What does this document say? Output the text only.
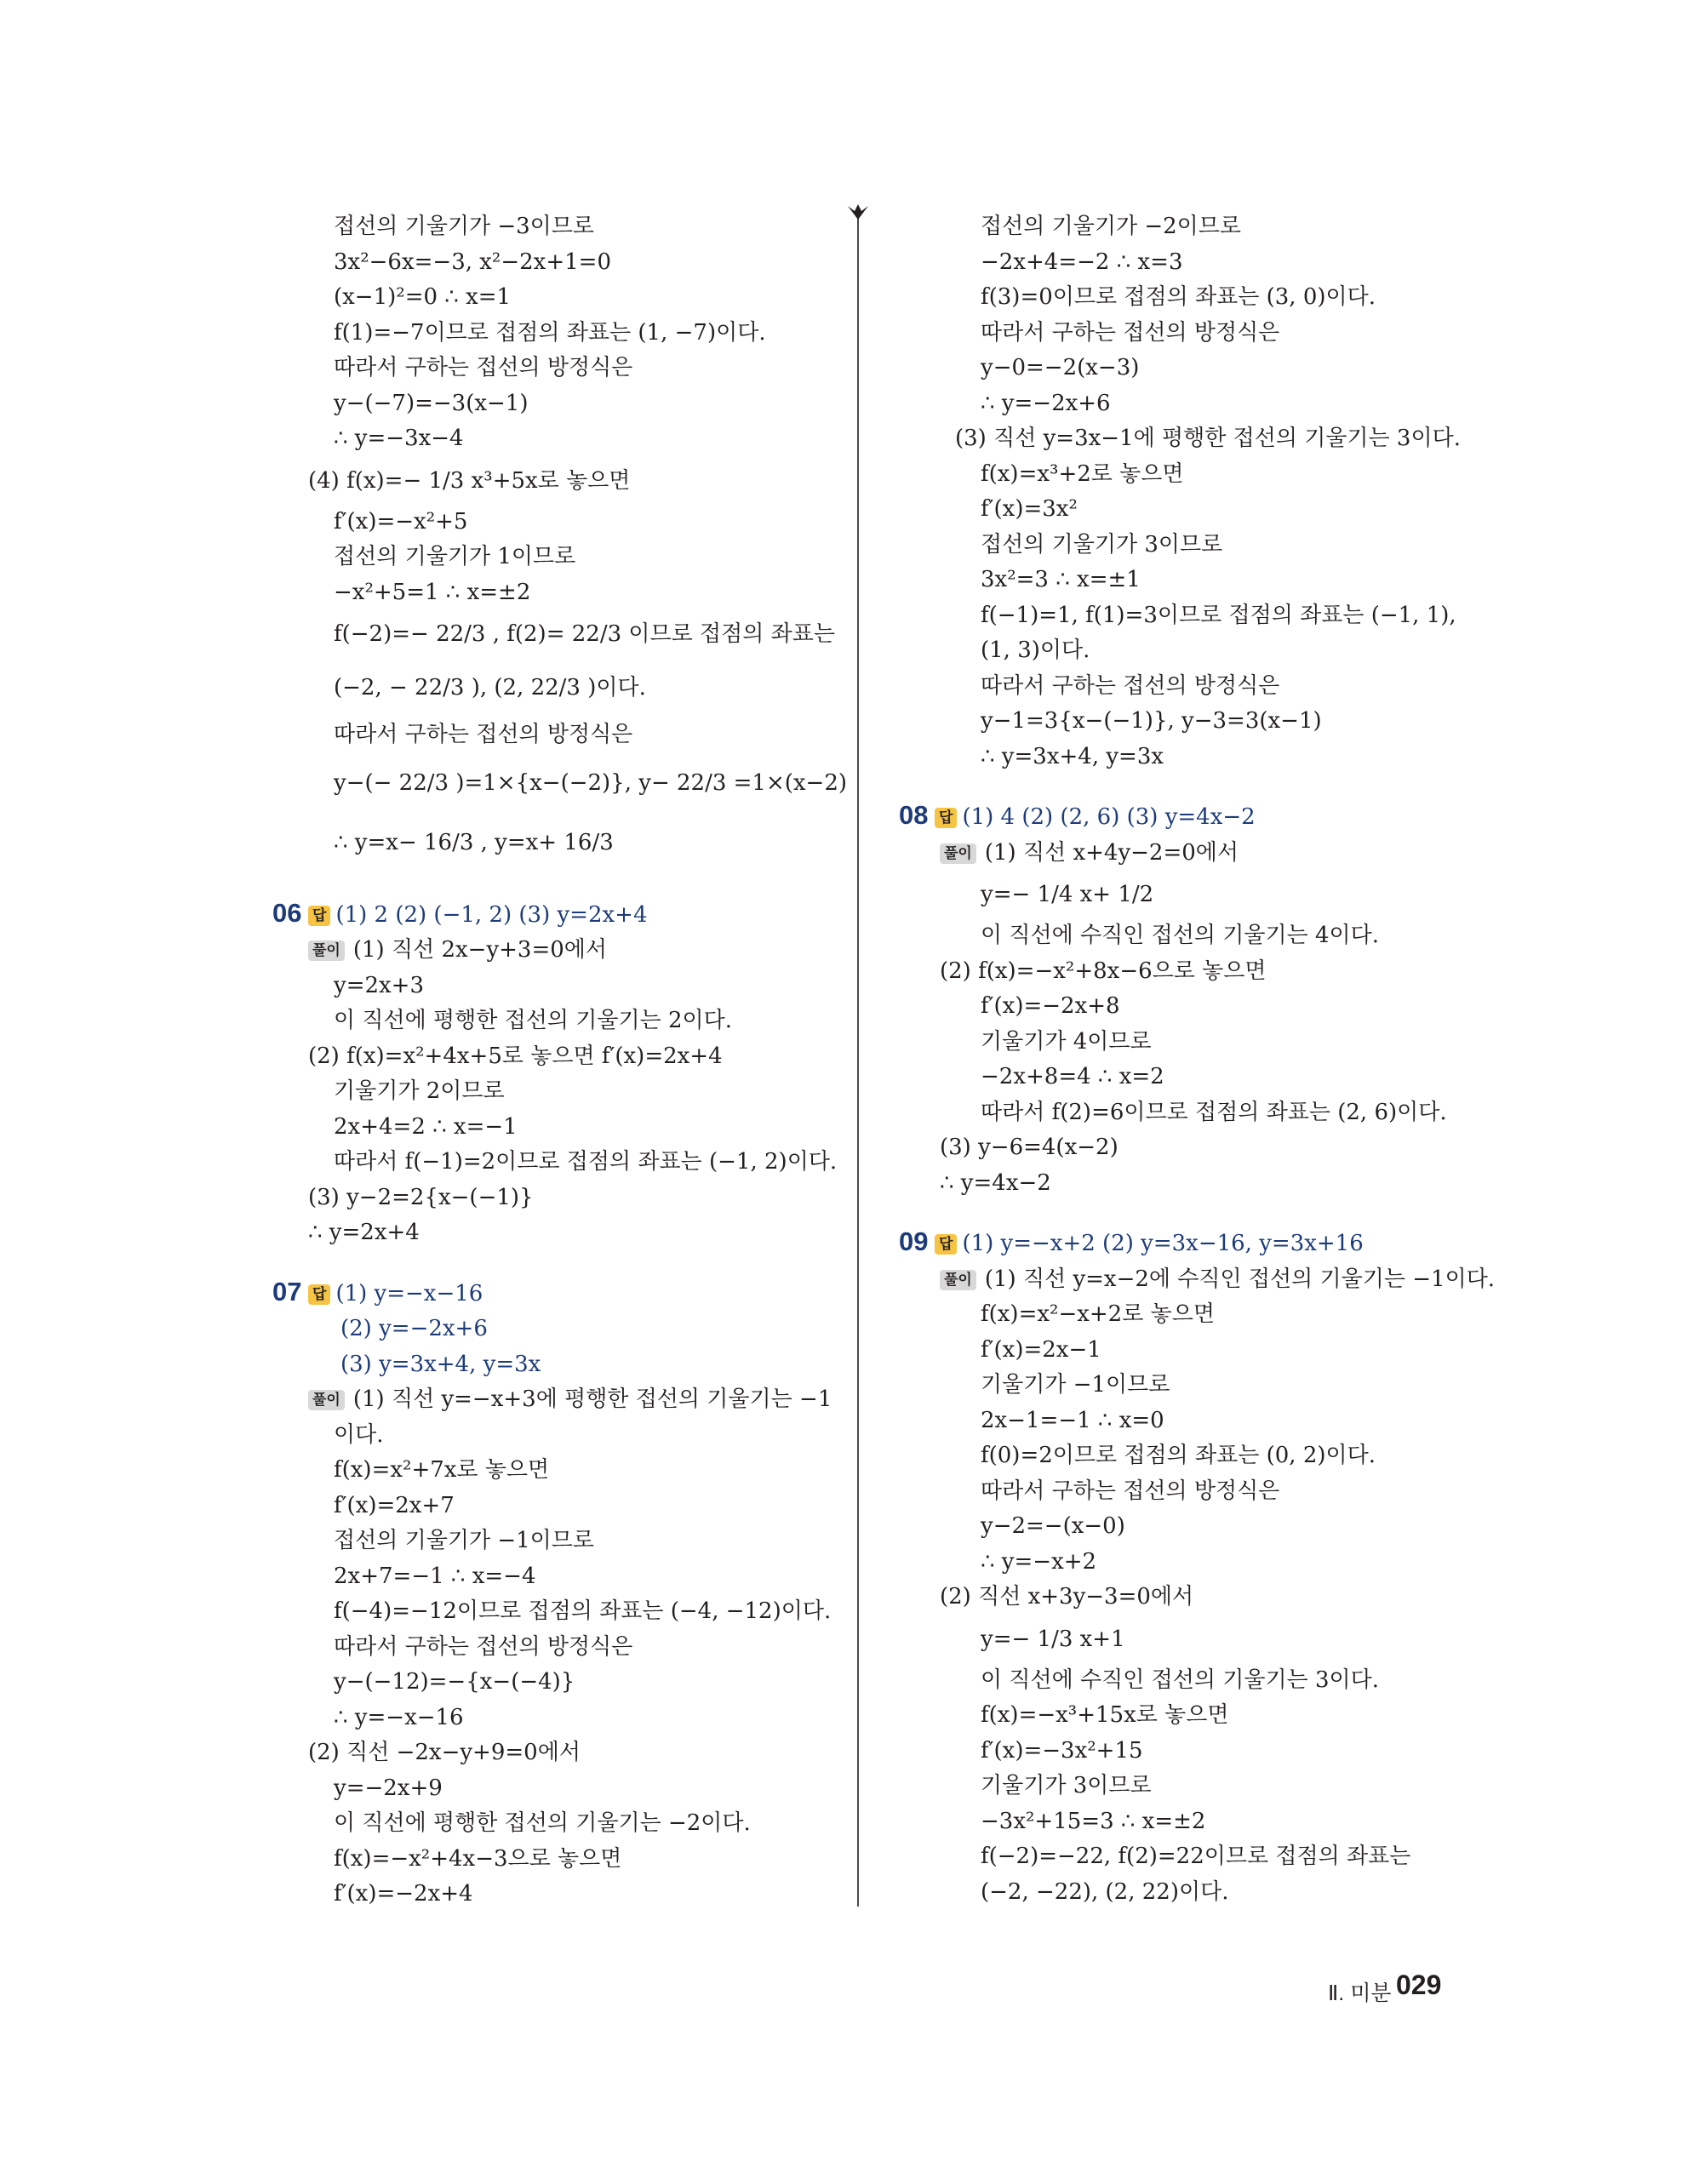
접선의 기울기가 −3이므로
3x²−6x=−3, x²−2x+1=0
(x−1)²=0 ∴ x=1
f(1)=−7이므로 접점의 좌표는 (1, −7)이다.
따라서 구하는 접선의 방정식은
y−(−7)=−3(x−1)
∴ y=−3x−4
(4) f(x)=− 1/3 x³+5x로 놓으면
f′(x)=−x²+5
접선의 기울기가 1이므로
−x²+5=1 ∴ x=±2
f(−2)=− 22/3 , f(2)= 22/3 이므로 접점의 좌표는
(−2, − 22/3 ), (2, 22/3 )이다.
따라서 구하는 접선의 방정식은
y−(− 22/3 )=1×{x−(−2)}, y− 22/3 =1×(x−2)
∴ y=x− 16/3 , y=x+ 16/3
06 답 (1) 2 (2) (−1, 2) (3) y=2x+4
풀이 (1) 직선 2x−y+3=0에서
y=2x+3
이 직선에 평행한 접선의 기울기는 2이다.
(2) f(x)=x²+4x+5로 놓으면 f′(x)=2x+4
기울기가 2이므로
2x+4=2 ∴ x=−1
따라서 f(−1)=2이므로 접점의 좌표는 (−1, 2)이다.
(3) y−2=2{x−(−1)}
∴ y=2x+4
07 답 (1) y=−x−16
(2) y=−2x+6
(3) y=3x+4, y=3x
풀이 (1) 직선 y=−x+3에 평행한 접선의 기울기는 −1
이다.
f(x)=x²+7x로 놓으면
f′(x)=2x+7
접선의 기울기가 −1이므로
2x+7=−1 ∴ x=−4
f(−4)=−12이므로 접점의 좌표는 (−4, −12)이다.
따라서 구하는 접선의 방정식은
y−(−12)=−{x−(−4)}
∴ y=−x−16
(2) 직선 −2x−y+9=0에서
y=−2x+9
이 직선에 평행한 접선의 기울기는 −2이다.
f(x)=−x²+4x−3으로 놓으면
f′(x)=−2x+4
접선의 기울기가 −2이므로
−2x+4=−2 ∴ x=3
f(3)=0이므로 접점의 좌표는 (3, 0)이다.
따라서 구하는 접선의 방정식은
y−0=−2(x−3)
∴ y=−2x+6
(3) 직선 y=3x−1에 평행한 접선의 기울기는 3이다.
f(x)=x³+2로 놓으면
f′(x)=3x²
접선의 기울기가 3이므로
3x²=3 ∴ x=±1
f(−1)=1, f(1)=3이므로 접점의 좌표는 (−1, 1),
(1, 3)이다.
따라서 구하는 접선의 방정식은
y−1=3{x−(−1)}, y−3=3(x−1)
∴ y=3x+4, y=3x
08 답 (1) 4 (2) (2, 6) (3) y=4x−2
풀이 (1) 직선 x+4y−2=0에서
y=− 1/4 x+ 1/2
이 직선에 수직인 접선의 기울기는 4이다.
(2) f(x)=−x²+8x−6으로 놓으면
f′(x)=−2x+8
기울기가 4이므로
−2x+8=4 ∴ x=2
따라서 f(2)=6이므로 접점의 좌표는 (2, 6)이다.
(3) y−6=4(x−2)
∴ y=4x−2
09 답 (1) y=−x+2 (2) y=3x−16, y=3x+16
풀이 (1) 직선 y=x−2에 수직인 접선의 기울기는 −1이다.
f(x)=x²−x+2로 놓으면
f′(x)=2x−1
기울기가 −1이므로
2x−1=−1 ∴ x=0
f(0)=2이므로 접점의 좌표는 (0, 2)이다.
따라서 구하는 접선의 방정식은
y−2=−(x−0)
∴ y=−x+2
(2) 직선 x+3y−3=0에서
y=− 1/3 x+1
이 직선에 수직인 접선의 기울기는 3이다.
f(x)=−x³+15x로 놓으면
f′(x)=−3x²+15
기울기가 3이므로
−3x²+15=3 ∴ x=±2
f(−2)=−22, f(2)=22이므로 접점의 좌표는
(−2, −22), (2, 22)이다.
Ⅱ. 미분 029
